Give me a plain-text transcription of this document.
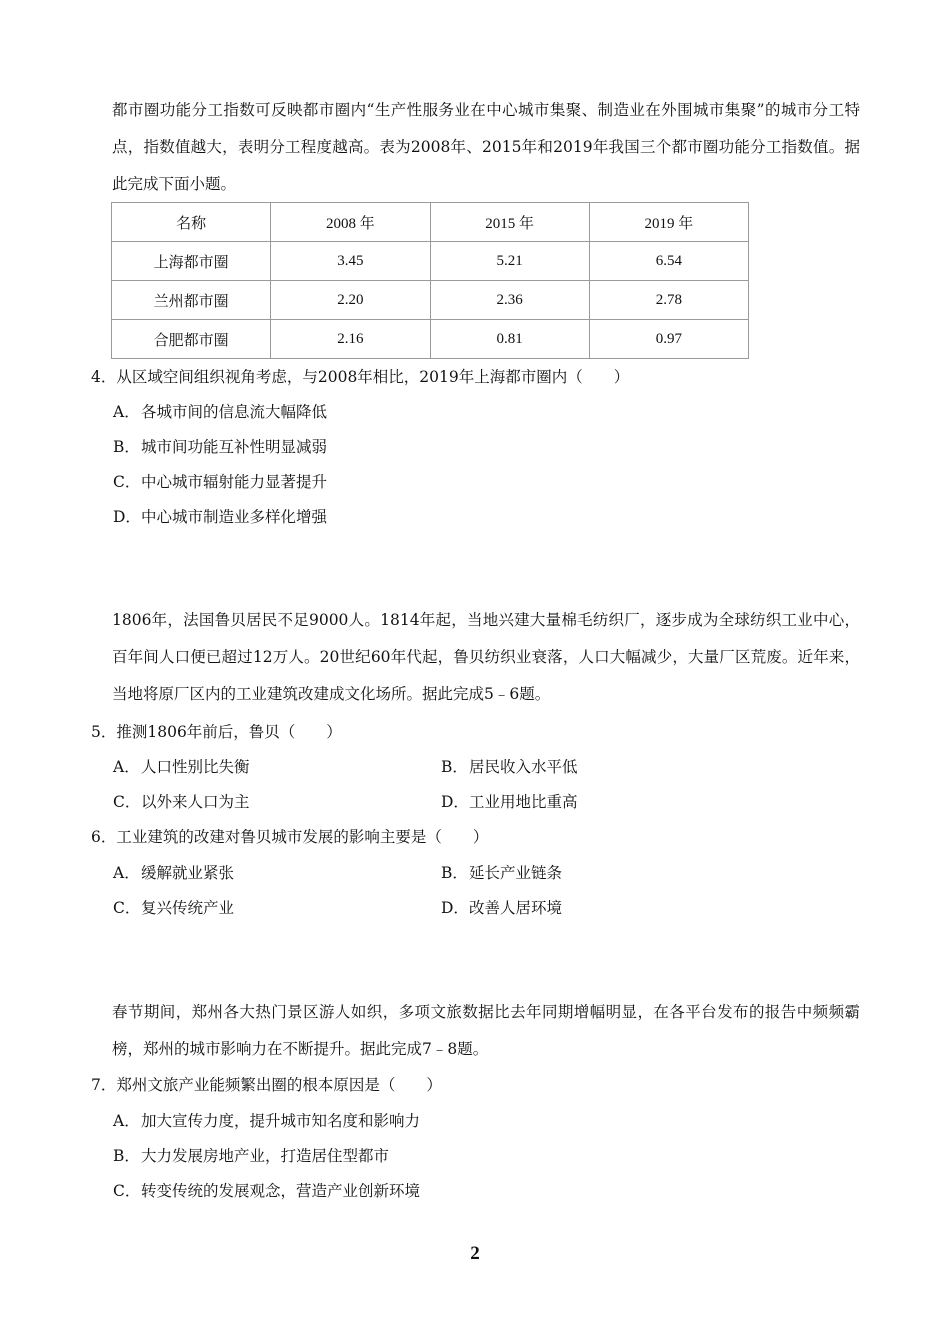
都市圈功能分工指数可反映都市圈内“生产性服务业在中心城市集聚、制造业在外围城市集聚”的城市分工特点，指数值越大，表明分工程度越高。表为2008年、2015年和2019年我国三个都市圈功能分工指数值。据此完成下面小题。
名称	2008 年	2015 年	2019 年
上海都市圈	3.45	5.21	6.54
兰州都市圈	2.20	2.36	2.78
合肥都市圈	2.16	0.81	0.97
4．从区域空间组织视角考虑，与2008年相比，2019年上海都市圈内（　　）
A．各城市间的信息流大幅降低
B．城市间功能互补性明显减弱
C．中心城市辐射能力显著提升
D．中心城市制造业多样化增强
1806年，法国鲁贝居民不足9000人。1814年起，当地兴建大量棉毛纺织厂，逐步成为全球纺织工业中心，百年间人口便已超过12万人。20世纪60年代起，鲁贝纺织业衰落，人口大幅减少，大量厂区荒废。近年来，当地将原厂区内的工业建筑改建成文化场所。据此完成5﹣6题。
5．推测1806年前后，鲁贝（　　）
A．人口性别比失衡	B．居民收入水平低
C．以外来人口为主	D．工业用地比重高
6．工业建筑的改建对鲁贝城市发展的影响主要是（　　）
A．缓解就业紧张	B．延长产业链条
C．复兴传统产业	D．改善人居环境
春节期间，郑州各大热门景区游人如织，多项文旅数据比去年同期增幅明显，在各平台发布的报告中频频霸榜，郑州的城市影响力在不断提升。据此完成7﹣8题。
7．郑州文旅产业能频繁出圈的根本原因是（　　）
A．加大宣传力度，提升城市知名度和影响力
B．大力发展房地产业，打造居住型都市
C．转变传统的发展观念，营造产业创新环境
2
